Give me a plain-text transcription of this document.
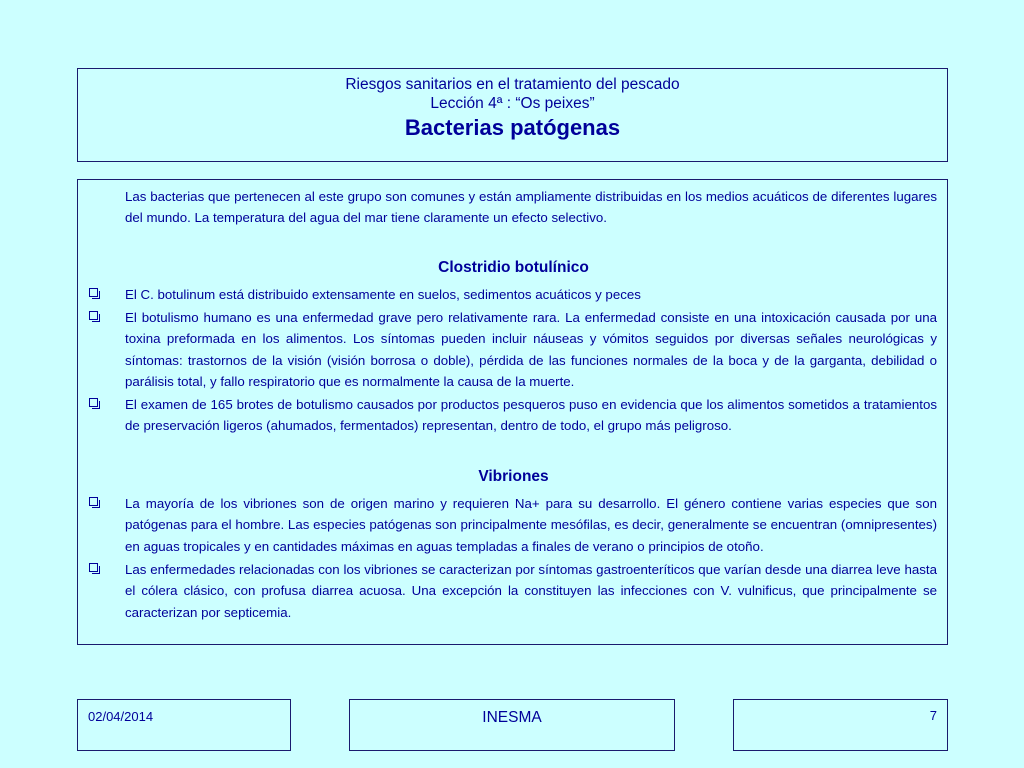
Riesgos sanitarios en el tratamiento del pescado
Lección 4ª : “Os peixes”
Bacterias patógenas
Las bacterias que pertenecen al este grupo son comunes y están ampliamente distribuidas en los medios acuáticos de diferentes lugares del mundo. La temperatura del agua del mar tiene claramente un efecto selectivo.
Clostridio botulínico
El C. botulinum está distribuido extensamente en suelos, sedimentos acuáticos y peces
El botulismo humano es una enfermedad grave pero relativamente rara. La enfermedad consiste en una intoxicación causada por una toxina preformada en los alimentos. Los síntomas pueden incluir náuseas y vómitos seguidos por diversas señales neurológicas y síntomas: trastornos de la visión (visión borrosa o doble), pérdida de las funciones normales de la boca y de la garganta, debilidad o parálisis total, y fallo respiratorio que es normalmente la causa de la muerte.
El examen de 165 brotes de botulismo causados por productos pesqueros puso en evidencia que los alimentos sometidos a tratamientos de preservación ligeros (ahumados, fermentados) representan, dentro de todo, el grupo más peligroso.
Vibriones
La mayoría de los vibriones son de origen marino y requieren Na+ para su desarrollo. El género contiene varias especies que son patógenas para el hombre. Las especies patógenas son principalmente mesófilas, es decir, generalmente se encuentran (omnipresentes) en aguas tropicales y en cantidades máximas en aguas templadas a finales de verano o principios de otoño.
Las enfermedades relacionadas con los vibriones se caracterizan por síntomas gastroenteríticos que varían desde una diarrea leve hasta el cólera clásico, con profusa diarrea acuosa. Una excepción la constituyen las infecciones con V. vulnificus, que principalmente se caracterizan por septicemia.
02/04/2014	INESMA	7
